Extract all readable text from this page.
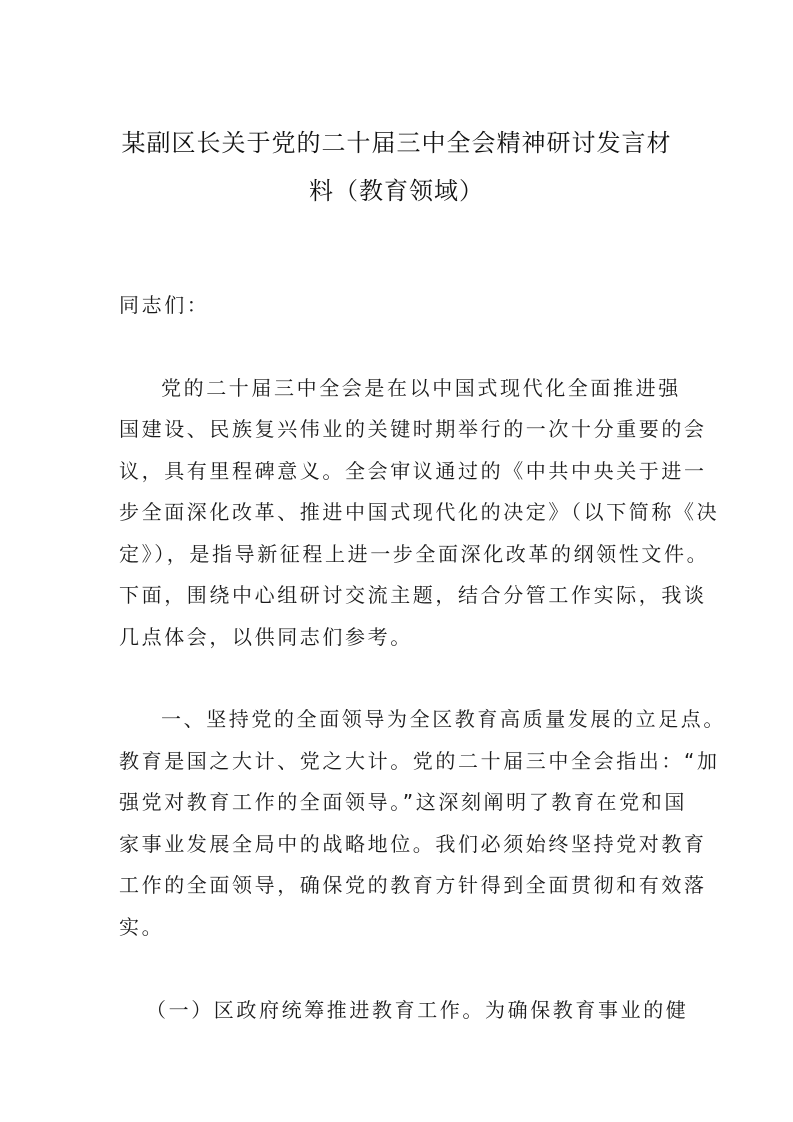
某副区长关于党的二十届三中全会精神研讨发言材
料（教育领域）
同志们：
党的二十届三中全会是在以中国式现代化全面推进强
国建设、民族复兴伟业的关键时期举行的一次十分重要的会
议，具有里程碑意义。全会审议通过的《中共中央关于进一
步全面深化改革、推进中国式现代化的决定》（以下简称《决
定》），是指导新征程上进一步全面深化改革的纲领性文件。
下面，围绕中心组研讨交流主题，结合分管工作实际，我谈
几点体会，以供同志们参考。
一、坚持党的全面领导为全区教育高质量发展的立足点。
教育是国之大计、党之大计。党的二十届三中全会指出：“加
强党对教育工作的全面领导。”这深刻阐明了教育在党和国
家事业发展全局中的战略地位。我们必须始终坚持党对教育
工作的全面领导，确保党的教育方针得到全面贯彻和有效落
实。
（一）区政府统筹推进教育工作。为确保教育事业的健
